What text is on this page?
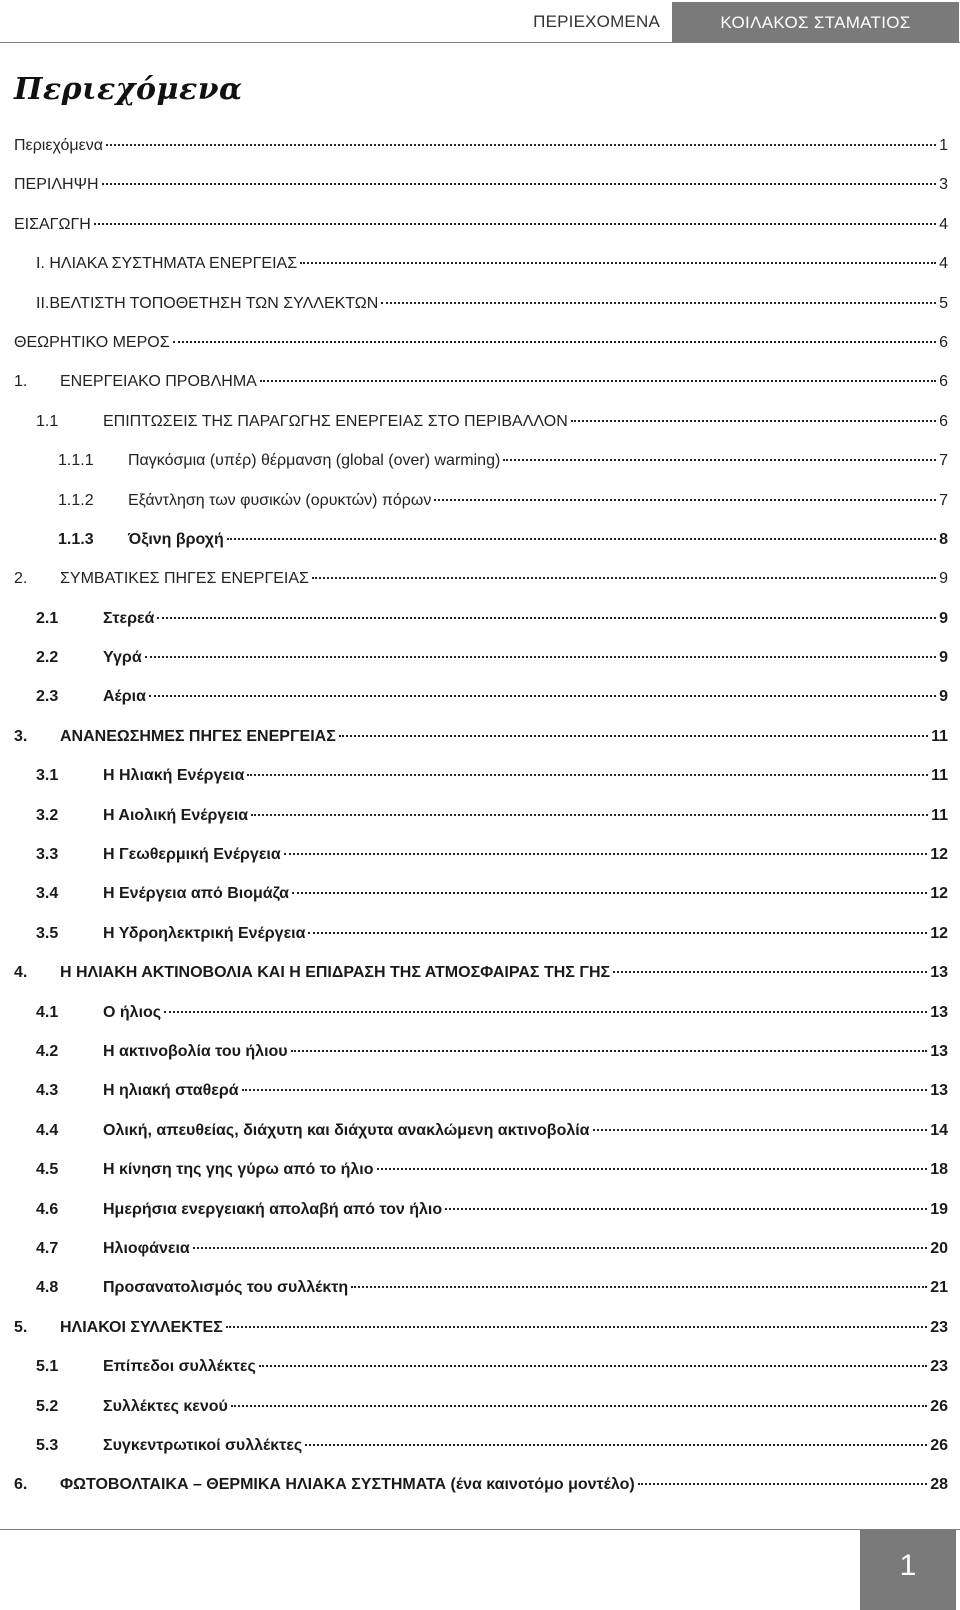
ΠΕΡΙΕΧΟΜΕΝΑ	ΚΟΙΛΑΚΟΣ ΣΤΑΜΑΤΙΟΣ
Περιεχόμενα
Περιεχόμενα	1
ΠΕΡΙΛΗΨΗ	3
ΕΙΣΑΓΩΓΗ	4
Ι. ΗΛΙΑΚΑ ΣΥΣΤΗΜΑΤΑ ΕΝΕΡΓΕΙΑΣ	4
ΙΙ.ΒΕΛΤΙΣΤΗ ΤΟΠΟΘΕΤΗΣΗ ΤΩΝ ΣΥΛΛΕΚΤΩΝ	5
ΘΕΩΡΗΤΙΚΟ ΜΕΡΟΣ	6
1.	ΕΝΕΡΓΕΙΑΚΟ ΠΡΟΒΛΗΜΑ	6
1.1	ΕΠΙΠΤΩΣΕΙΣ ΤΗΣ ΠΑΡΑΓΩΓΗΣ ΕΝΕΡΓΕΙΑΣ ΣΤΟ ΠΕΡΙΒΑΛΛΟΝ	6
1.1.1	Παγκόσμια (υπέρ) θέρμανση (global (over) warming)	7
1.1.2	Εξάντληση των φυσικών (ορυκτών) πόρων	7
1.1.3	Όξινη βροχή	8
2.	ΣΥΜΒΑΤΙΚΕΣ ΠΗΓΕΣ ΕΝΕΡΓΕΙΑΣ	9
2.1	Στερεά	9
2.2	Υγρά	9
2.3	Αέρια	9
3.	ΑΝΑΝΕΩΣΗΜΕΣ ΠΗΓΕΣ ΕΝΕΡΓΕΙΑΣ	11
3.1	Η Ηλιακή Ενέργεια	11
3.2	Η Αιολική Ενέργεια	11
3.3	Η Γεωθερμική Ενέργεια	12
3.4	Η Ενέργεια από Βιομάζα	12
3.5	Η Υδροηλεκτρική Ενέργεια	12
4.	Η ΗΛΙΑΚΗ ΑΚΤΙΝΟΒΟΛΙΑ ΚΑΙ Η ΕΠΙΔΡΑΣΗ ΤΗΣ ΑΤΜΟΣΦΑΙΡΑΣ ΤΗΣ ΓΗΣ	13
4.1	Ο ήλιος	13
4.2	Η ακτινοβολία του ήλιου	13
4.3	Η ηλιακή σταθερά	13
4.4	Ολική, απευθείας, διάχυτη και διάχυτα ανακλώμενη ακτινοβολία	14
4.5	Η κίνηση της γης γύρω από το ήλιο	18
4.6	Ημερήσια ενεργειακή απολαβή από τον ήλιο	19
4.7	Ηλιοφάνεια	20
4.8	Προσανατολισμός του συλλέκτη	21
5.	ΗΛΙΑΚΟΙ ΣΥΛΛΕΚΤΕΣ	23
5.1	Επίπεδοι συλλέκτες	23
5.2	Συλλέκτες κενού	26
5.3	Συγκεντρωτικοί συλλέκτες	26
6.	ΦΩΤΟΒΟΛΤΑΙΚΑ – ΘΕΡΜΙΚΑ ΗΛΙΑΚΑ ΣΥΣΤΗΜΑΤΑ (ένα καινοτόμο μοντέλο)	28
1
